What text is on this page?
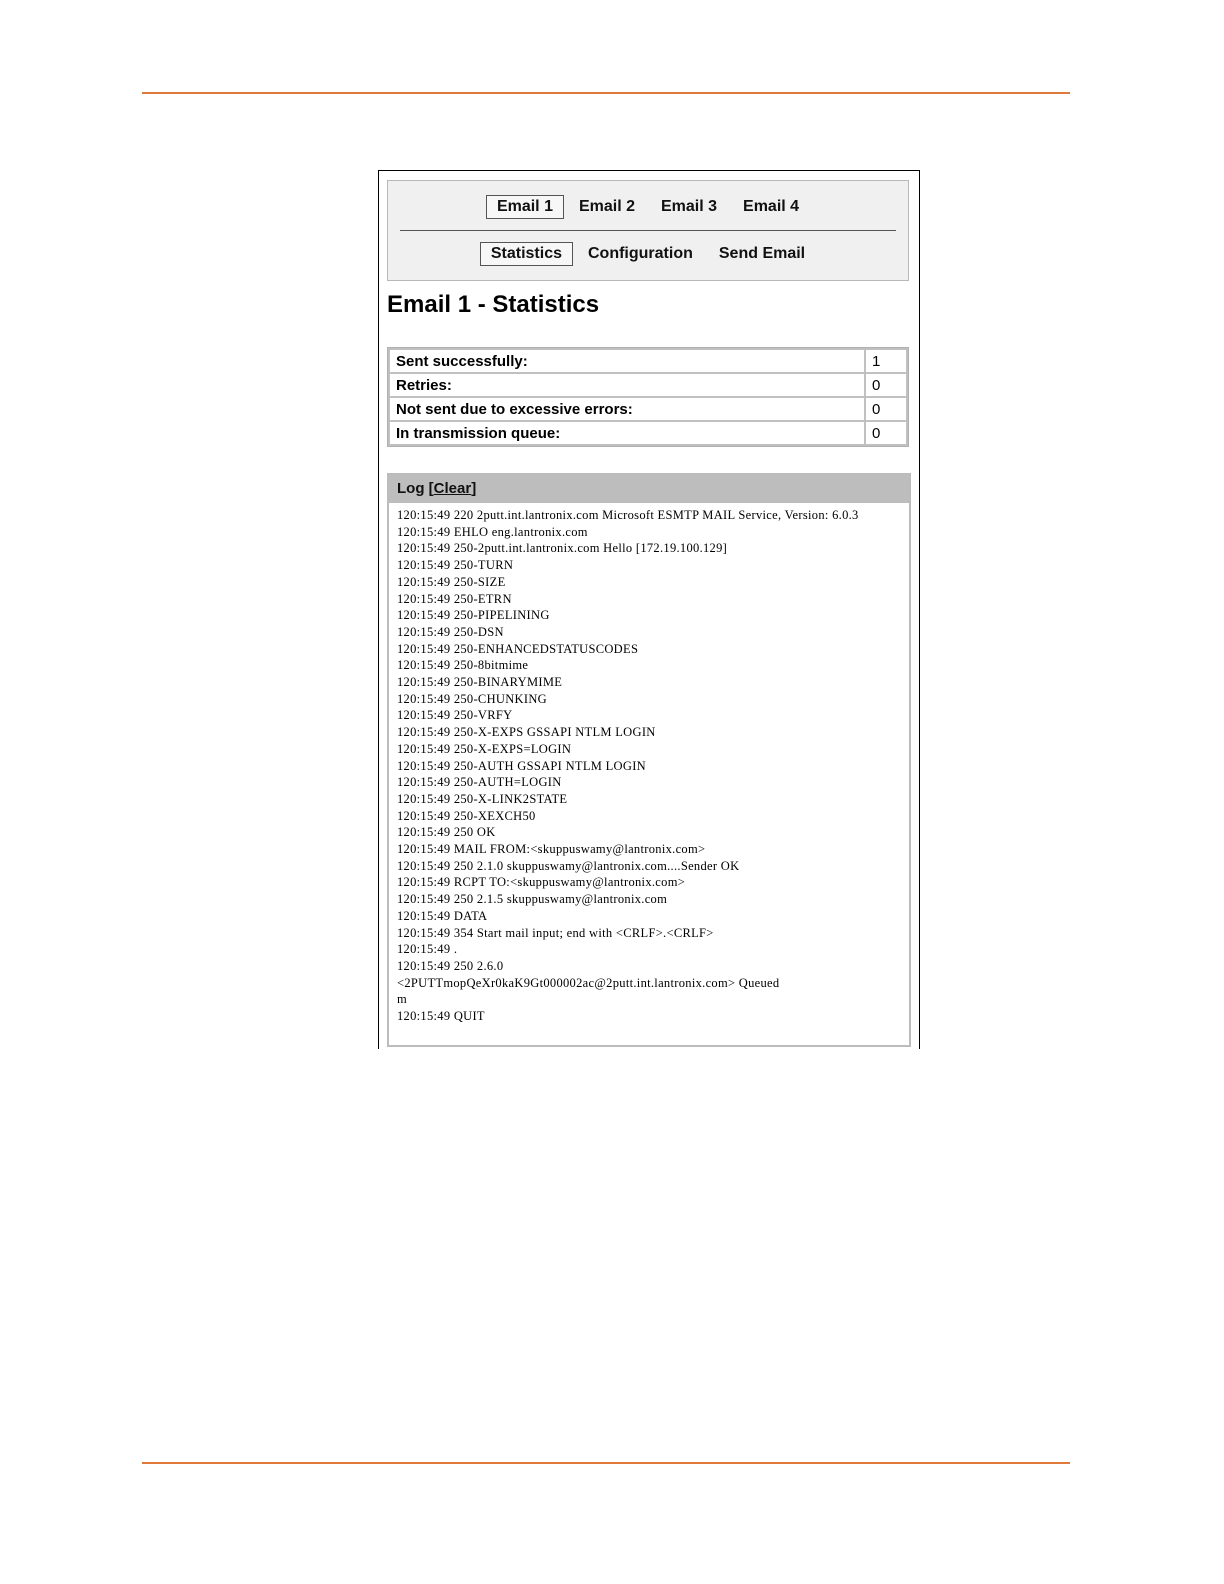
Email 1	Email 2	Email 3	Email 4
Statistics	Configuration	Send Email
Email 1 - Statistics
Sent successfully:	1
Retries:	0
Not sent due to excessive errors:	0
In transmission queue:	0
Log [Clear]
120:15:49 220 2putt.int.lantronix.com Microsoft ESMTP MAIL Service, Version: 6.0.3
120:15:49 EHLO eng.lantronix.com
120:15:49 250-2putt.int.lantronix.com Hello [172.19.100.129]
120:15:49 250-TURN
120:15:49 250-SIZE
120:15:49 250-ETRN
120:15:49 250-PIPELINING
120:15:49 250-DSN
120:15:49 250-ENHANCEDSTATUSCODES
120:15:49 250-8bitmime
120:15:49 250-BINARYMIME
120:15:49 250-CHUNKING
120:15:49 250-VRFY
120:15:49 250-X-EXPS GSSAPI NTLM LOGIN
120:15:49 250-X-EXPS=LOGIN
120:15:49 250-AUTH GSSAPI NTLM LOGIN
120:15:49 250-AUTH=LOGIN
120:15:49 250-X-LINK2STATE
120:15:49 250-XEXCH50
120:15:49 250 OK
120:15:49 MAIL FROM:<skuppuswamy@lantronix.com>
120:15:49 250 2.1.0 skuppuswamy@lantronix.com....Sender OK
120:15:49 RCPT TO:<skuppuswamy@lantronix.com>
120:15:49 250 2.1.5 skuppuswamy@lantronix.com
120:15:49 DATA
120:15:49 354 Start mail input; end with <CRLF>.<CRLF>
120:15:49 .
120:15:49 250 2.6.0
<2PUTTmopQeXr0kaK9Gt000002ac@2putt.int.lantronix.com> Queued
m
120:15:49 QUIT
